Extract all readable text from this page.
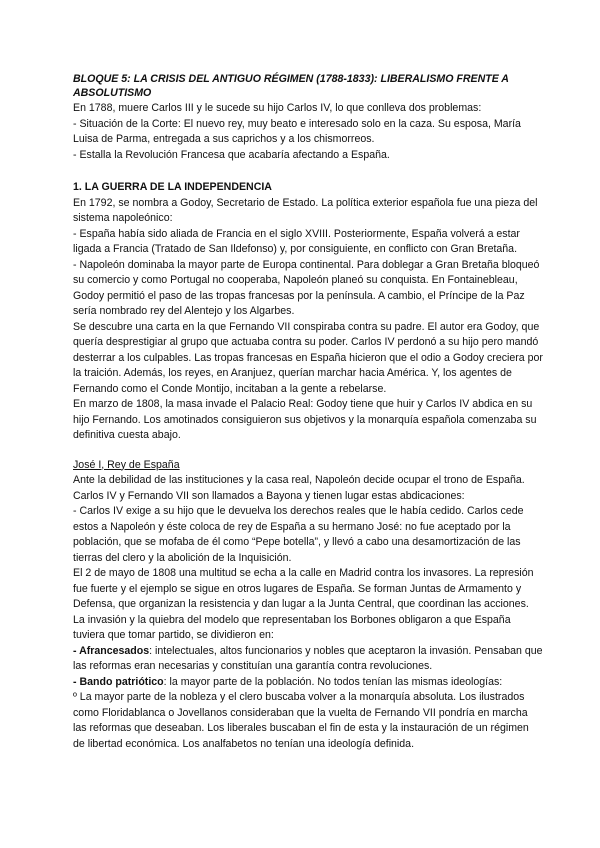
BLOQUE 5: LA CRISIS DEL ANTIGUO RÉGIMEN (1788-1833): LIBERALISMO FRENTE A ABSOLUTISMO

En 1788, muere Carlos III y le sucede su hijo Carlos IV, lo que conlleva dos problemas:

- Situación de la Corte: El nuevo rey, muy beato e interesado solo en la caza. Su esposa, María Luisa de Parma, entregada a sus caprichos y a los chismorreos.

- Estalla la Revolución Francesa que acabaría afectando a España.

1. LA GUERRA DE LA INDEPENDENCIA

En 1792, se nombra a Godoy, Secretario de Estado. La política exterior española fue una pieza del sistema napoleónico:

- España había sido aliada de Francia en el siglo XVIII. Posteriormente, España volverá a estar ligada a Francia (Tratado de San Ildefonso) y, por consiguiente, en conflicto con Gran Bretaña.

- Napoleón dominaba la mayor parte de Europa continental. Para doblegar a Gran Bretaña bloqueó su comercio y como Portugal no cooperaba, Napoleón planeó su conquista. En Fontainebleau, Godoy permitió el paso de las tropas francesas por la península. A cambio, el Príncipe de la Paz sería nombrado rey del Alentejo y los Algarbes.

Se descubre una carta en la que Fernando VII conspiraba contra su padre. El autor era Godoy, que quería desprestigiar al grupo que actuaba contra su poder. Carlos IV perdonó a su hijo pero mandó desterrar a los culpables. Las tropas francesas en España hicieron que el odio a Godoy creciera por la traición. Además, los reyes, en Aranjuez, querían marchar hacia América. Y, los agentes de Fernando como el Conde Montijo, incitaban a la gente a rebelarse.

En marzo de 1808, la masa invade el Palacio Real: Godoy tiene que huir y Carlos IV abdica en su hijo Fernando. Los amotinados consiguieron sus objetivos y la monarquía española comenzaba su definitiva cuesta abajo.

José I, Rey de España

Ante la debilidad de las instituciones y la casa real, Napoleón decide ocupar el trono de España. Carlos IV y Fernando VII son llamados a Bayona y tienen lugar estas abdicaciones:

- Carlos IV exige a su hijo que le devuelva los derechos reales que le había cedido. Carlos cede estos a Napoleón y éste coloca de rey de España a su hermano José: no fue aceptado por la población, que se mofaba de él como “Pepe botella”, y llevó a cabo una desamortización de las tierras del clero y la abolición de la Inquisición.

El 2 de mayo de 1808 una multitud se echa a la calle en Madrid contra los invasores. La represión fue fuerte y el ejemplo se sigue en otros lugares de España. Se forman Juntas de Armamento y Defensa, que organizan la resistencia y dan lugar a la Junta Central, que coordinan las acciones. La invasión y la quiebra del modelo que representaban los Borbones obligaron a que España tuviera que tomar partido, se dividieron en:

- Afrancesados: intelectuales, altos funcionarios y nobles que aceptaron la invasión. Pensaban que las reformas eran necesarias y constituían una garantía contra revoluciones.

- Bando patriótico: la mayor parte de la población. No todos tenían las mismas ideologías:

º La mayor parte de la nobleza y el clero buscaba volver a la monarquía absoluta. Los ilustrados como Floridablanca o Jovellanos consideraban que la vuelta de Fernando VII pondría en marcha las reformas que deseaban. Los liberales buscaban el fin de esta y la instauración de un régimen de libertad económica. Los analfabetos no tenían una ideología definida.
